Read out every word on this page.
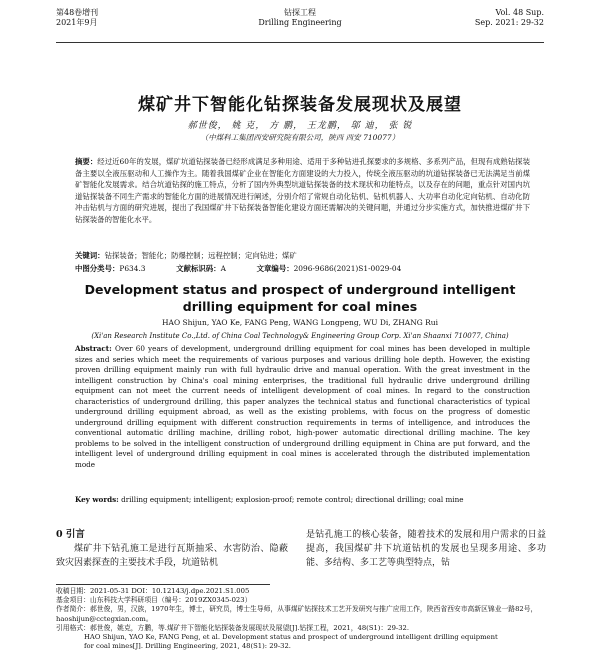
第48卷增刊
2021年9月
钻探工程
Drilling Engineering
Vol. 48 Sup.
Sep. 2021: 29-32
煤矿井下智能化钻探装备发展现状及展望
郝世俊， 姚 克， 方 鹏， 王龙鹏， 邬 迪， 张 锐
（中煤科工集团西安研究院有限公司，陕西 西安 710077）
摘要：经过近60年的发展，煤矿坑道钻探装备已经形成满足多种用途、适用于多种钻进孔探要求的多规格、多系列产品，但现有成熟钻探装备主要以全液压驱动和人工操作为主。随着我国煤矿企业在智能化方面建设的大力投入，传统全液压驱动的坑道钻探装备已无法满足当前煤矿智能化发展需求。结合坑道钻探的施工特点，分析了国内外典型坑道钻探装备的技术现状和功能特点，以及存在的问题，重点针对国内坑道钻探装备不同生产需求的智能化方面的进展情况进行阐述，分别介绍了常规自动化钻机、钻机机器人、大功率自动化定向钻机、自动化防冲击钻机与方面的研究进展，提出了我国煤矿井下钻探装备智能化建设方面还需解决的关键问题，并通过分步实施方式，加快推进煤矿井下钻探装备的智能化水平。
关键词：钻探装备；智能化；防爆控制；远程控制；定向钻进；煤矿
中图分类号：P634.3	文献标识码：A	文章编号：2096-9686(2021)S1-0029-04
Development status and prospect of underground intelligent drilling equipment for coal mines
HAO Shijun, YAO Ke, FANG Peng, WANG Longpeng, WU Di, ZHANG Rui
(Xi'an Research Institute Co.,Ltd. of China Coal Technology& Engineering Group Corp. Xi'an Shaanxi 710077, China)
Abstract: Over 60 years of development, underground drilling equipment for coal mines has been developed in multiple sizes and series which meet the requirements of various purposes and various drilling hole depth. However, the existing proven drilling equipment mainly run with full hydraulic drive and manual operation. With the great investment in the intelligent construction by China's coal mining enterprises, the traditional full hydraulic drive underground drilling equipment can not meet the current needs of intelligent development of coal mines. In regard to the construction characteristics of underground drilling, this paper analyzes the technical status and functional characteristics of typical underground drilling equipment abroad, as well as the existing problems, with focus on the progress of domestic underground drilling equipment with different construction requirements in terms of intelligence, and introduces the conventional automatic drilling machine, drilling robot, high-power automatic directional drilling machine. The key problems to be solved in the intelligent construction of underground drilling equipment in China are put forward, and the intelligent level of underground drilling equipment in coal mines is accelerated through the distributed implementation mode
Key words: drilling equipment; intelligent; explosion-proof; remote control; directional drilling; coal mine
0 引言
煤矿井下钻孔施工是进行瓦斯抽采、水害防治、隐蔽致灾因素探查的主要技术手段，坑道钻机
是钻孔施工的核心装备，随着技术的发展和用户需求的日益提高，我国煤矿井下坑道钻机的发展也呈现多用途、多功能、多结构、多工艺等典型特点，钻
收稿日期：2021-05-31 DOI：10.12143/j.dpe.2021.S1.005
基金项目：山东科技大学科研项目（编号：2019ZX0345-023）
作者简介：郝世俊，男，汉族，1970年生，博士，研究员，博士生导师，从事煤矿钻探技术工艺开发研究与推广应用工作，陕西省西安市高新区锦业一路82号，haoshijun@cctegxian.com。
引用格式：郝世俊，姚克，方鹏，等.煤矿井下智能化钻探装备发展现状及展望[J].钻探工程，2021，48(S1)：29-32.
HAO Shijun, YAO Ke, FANG Peng, et al. Development status and prospect of underground intelligent drilling equipment
for coal mines[J]. Drilling Engineering, 2021, 48(S1): 29-32.
